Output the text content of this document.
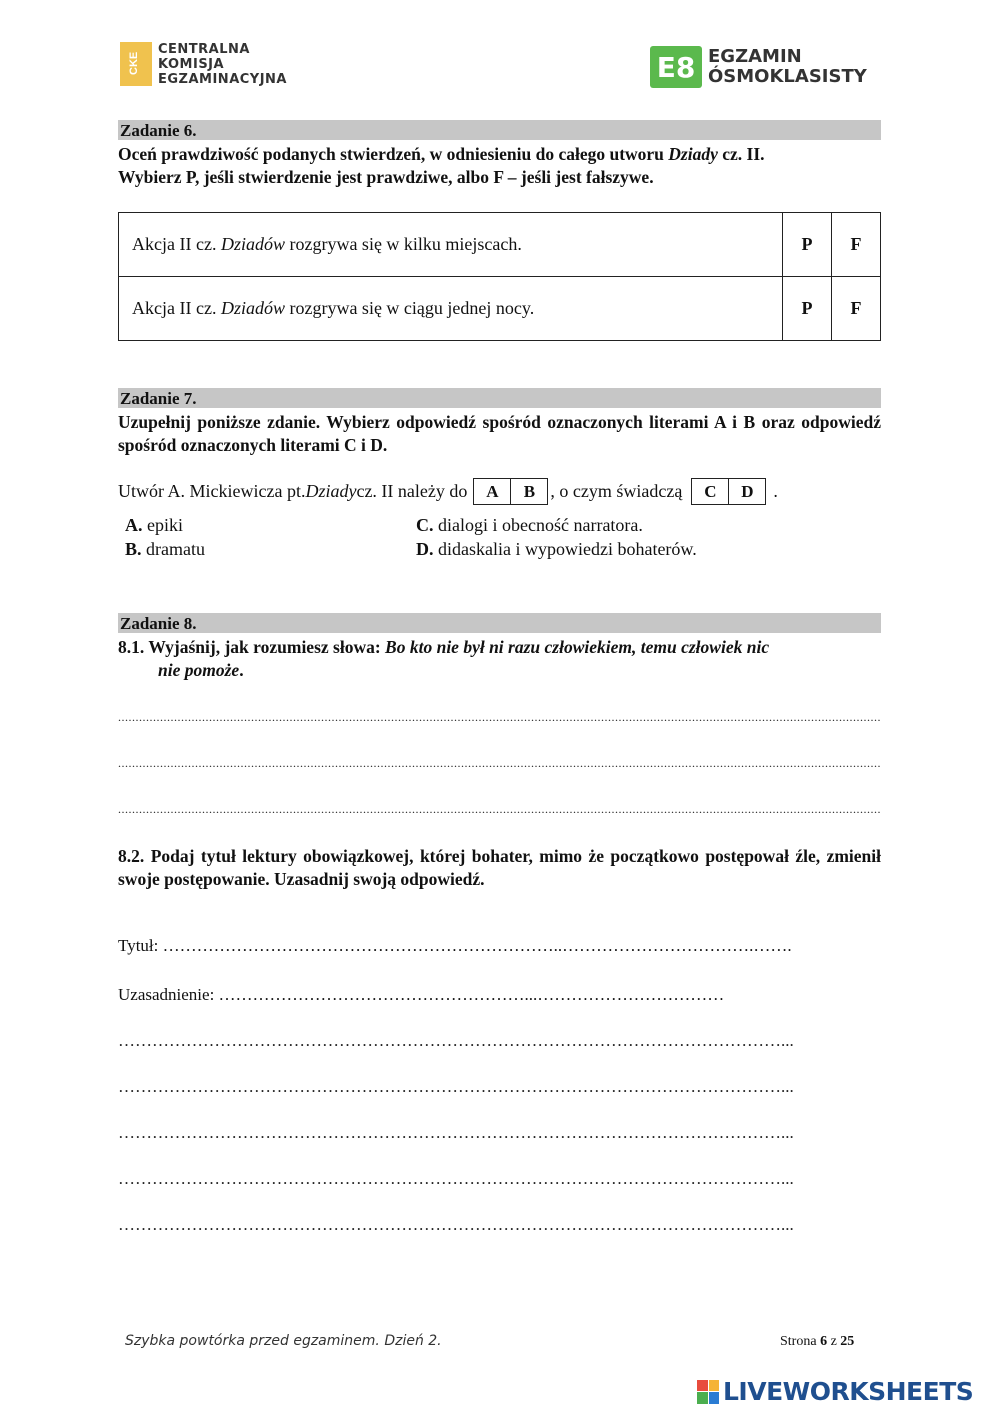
CKE
CENTRALNA
KOMISJA
EGZAMINACYJNA	E8 EGZAMIN
ÓSMOKLASISTY
Zadanie 6.
Oceń prawdziwość podanych stwierdzeń, w odniesieniu do całego utworu Dziady cz. II.
Wybierz P, jeśli stwierdzenie jest prawdziwe, albo F – jeśli jest fałszywe.
Akcja II cz. Dziadów rozgrywa się w kilku miejscach.	P	F
Akcja II cz. Dziadów rozgrywa się w ciągu jednej nocy.	P	F
Zadanie 7.
Uzupełnij poniższe zdanie. Wybierz odpowiedź spośród oznaczonych literami A i B oraz odpowiedź spośród oznaczonych literami C i D.
Utwór A. Mickiewicza pt. Dziady cz. II należy do	A	B , o czym świadczą	C	D	.
A. epiki
B. dramatu
C. dialogi i obecność narratora.
D. didaskalia i wypowiedzi bohaterów.
Zadanie 8.
8.1. Wyjaśnij, jak rozumiesz słowa: Bo kto nie był ni razu człowiekiem, temu człowiek nic
nie pomoże.
.....
.....
.....
8.2. Podaj tytuł lektury obowiązkowej, której bohater, mimo że początkowo postępował źle, zmienił swoje postępowanie. Uzasadnij swoją odpowiedź.
Tytuł: ……………………………………………………………..…………………………….…….
Uzasadnienie: ………………………………………………...……………………………
………………………………………………………………………………………………………...
………………………………………………………………………………………………………...
………………………………………………………………………………………………………...
………………………………………………………………………………………………………...
………………………………………………………………………………………………………...
Szybka powtórka przed egzaminem. Dzień 2.	Strona 6 z 25
LIVEWORKSHEETS
